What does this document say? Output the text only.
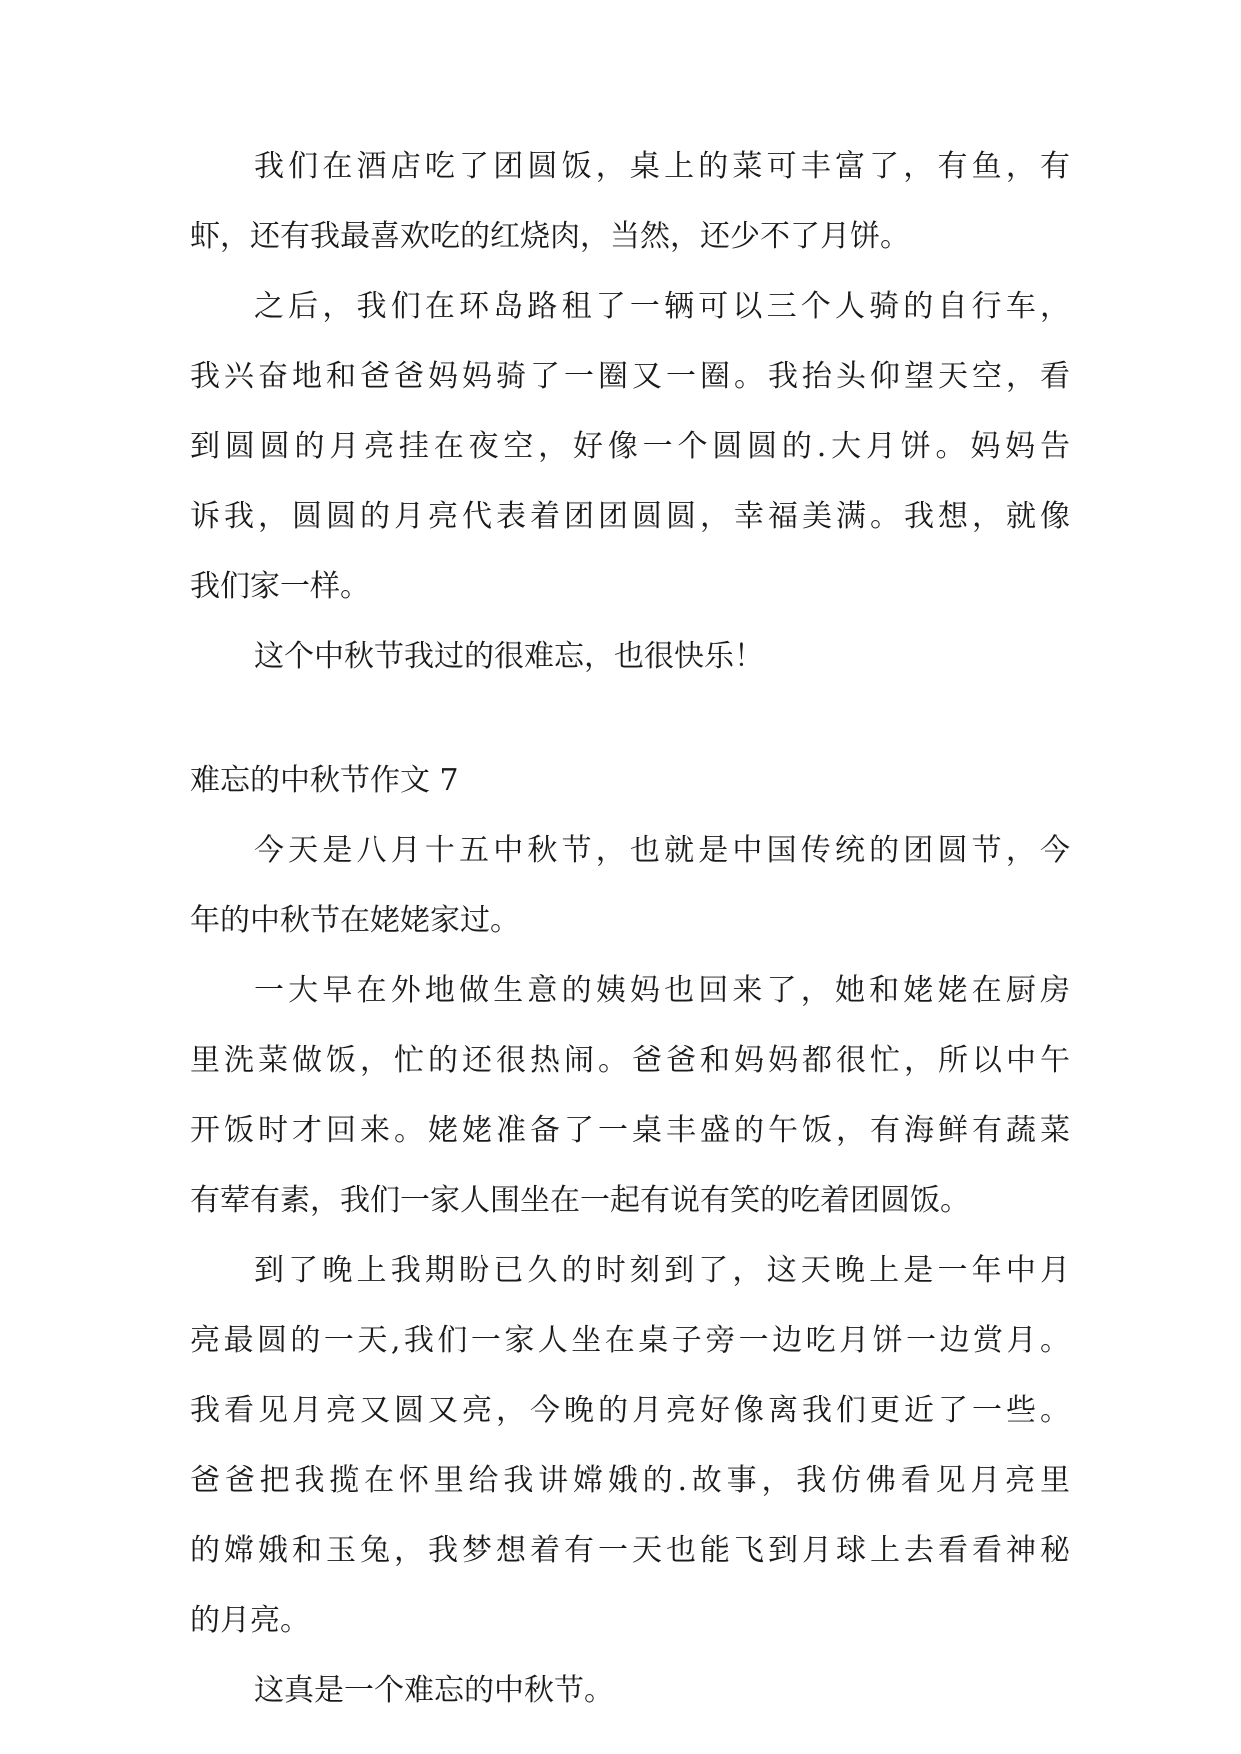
我们在酒店吃了团圆饭，桌上的菜可丰富了，有鱼，有
虾，还有我最喜欢吃的红烧肉，当然，还少不了月饼。
之后，我们在环岛路租了一辆可以三个人骑的自行车，
我兴奋地和爸爸妈妈骑了一圈又一圈。我抬头仰望天空，看
到圆圆的月亮挂在夜空，好像一个圆圆的.大月饼。妈妈告
诉我，圆圆的月亮代表着团团圆圆，幸福美满。我想，就像
我们家一样。
这个中秋节我过的很难忘，也很快乐！
难忘的中秋节作文 7
今天是八月十五中秋节，也就是中国传统的团圆节，今
年的中秋节在姥姥家过。
一大早在外地做生意的姨妈也回来了，她和姥姥在厨房
里洗菜做饭，忙的还很热闹。爸爸和妈妈都很忙，所以中午
开饭时才回来。姥姥准备了一桌丰盛的午饭，有海鲜有蔬菜
有荤有素，我们一家人围坐在一起有说有笑的吃着团圆饭。
到了晚上我期盼已久的时刻到了，这天晚上是一年中月
亮最圆的一天,我们一家人坐在桌子旁一边吃月饼一边赏月。
我看见月亮又圆又亮，今晚的月亮好像离我们更近了一些。
爸爸把我揽在怀里给我讲嫦娥的.故事，我仿佛看见月亮里
的嫦娥和玉兔，我梦想着有一天也能飞到月球上去看看神秘
的月亮。
这真是一个难忘的中秋节。
